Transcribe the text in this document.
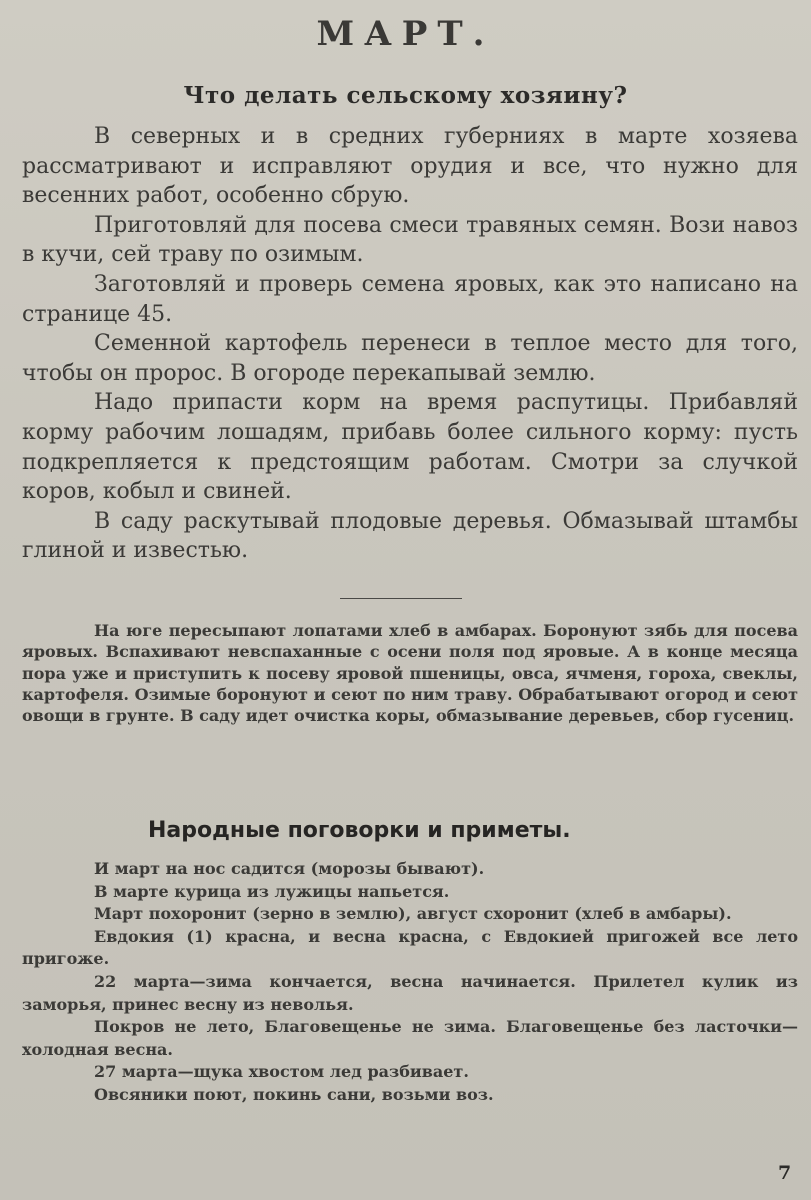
МАРТ.
Что делать сельскому хозяину?

В северных и в средних губерниях в марте хозяева рассматривают и исправляют орудия и все, что нужно для весенних работ, особенно сбрую.

Приготовляй для посева смеси травяных семян. Вози навоз в кучи, сей траву по озимым.

Заготовляй и проверь семена яровых, как это написано на странице 45.

Семенной картофель перенеси в теплое место для того, чтобы он пророс. В огороде перекапывай землю.

Надо припасти корм на время распутицы. Прибавляй корму рабочим лошадям, прибавь более сильного корму: пусть подкрепляется к предстоящим работам. Смотри за случкой коров, кобыл и свиней.

В саду раскутывай плодовые деревья. Обмазывай штамбы глиной и известью.

На юге пересыпают лопатами хлеб в амбарах. Боронуют зябь для посева яровых. Вспахивают невспаханные с осени поля под яровые. А в конце месяца пора уже и приступить к посеву яровой пшеницы, овса, ячменя, гороха, свеклы, картофеля. Озимые боронуют и сеют по ним траву. Обрабатывают огород и сеют овощи в грунте. В саду идет очистка коры, обмазывание деревьев, сбор гусениц.

Народные поговорки и приметы.

И март на нос садится (морозы бывают).

В марте курица из лужицы напьется.

Март похоронит (зерно в землю), август схоронит (хлеб в амбары).

Евдокия (1) красна, и весна красна, с Евдокией пригожей все лето пригоже.

22 марта—зима кончается, весна начинается. Прилетел кулик из заморья, принес весну из неволья.

Покров не лето, Благовещенье не зима. Благовещенье без ласточки—холодная весна.

27 марта—щука хвостом лед разбивает.

Овсяники поют, покинь сани, возьми воз.

7
